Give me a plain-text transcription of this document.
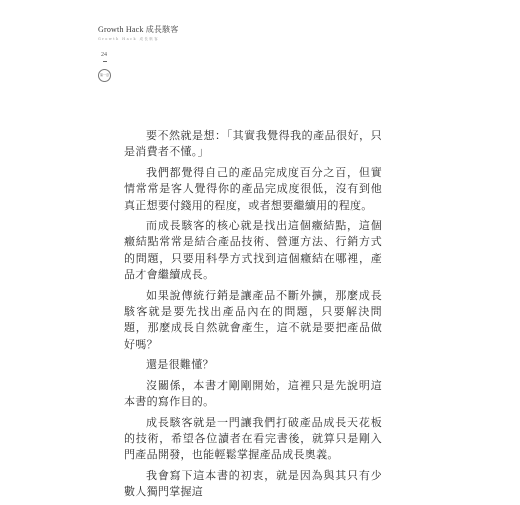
Growth Hack 成長駭客
Growth Hack 成長駭客
24
第一章

要不然就是想：「其實我覺得我的產品很好，只是消費者不懂。」

我們都覺得自己的產品完成度百分之百，但實情常常是客人覺得你的產品完成度很低，沒有到他真正想要付錢用的程度，或者想要繼續用的程度。

而成長駭客的核心就是找出這個癥結點，這個癥結點常常是結合產品技術、營運方法、行銷方式的問題，只要用科學方式找到這個癥結在哪裡，產品才會繼續成長。

如果說傳統行銷是讓產品不斷外擴，那麼成長駭客就是要先找出產品內在的問題，只要解決問題，那麼成長自然就會產生，這不就是要把產品做好嗎？

還是很難懂？

沒關係，本書才剛剛開始，這裡只是先說明這本書的寫作目的。

成長駭客就是一門讓我們打破產品成長天花板的技術，希望各位讀者在看完書後，就算只是剛入門產品開發，也能輕鬆掌握產品成長奧義。

我會寫下這本書的初衷，就是因為與其只有少數人獨門掌握這
